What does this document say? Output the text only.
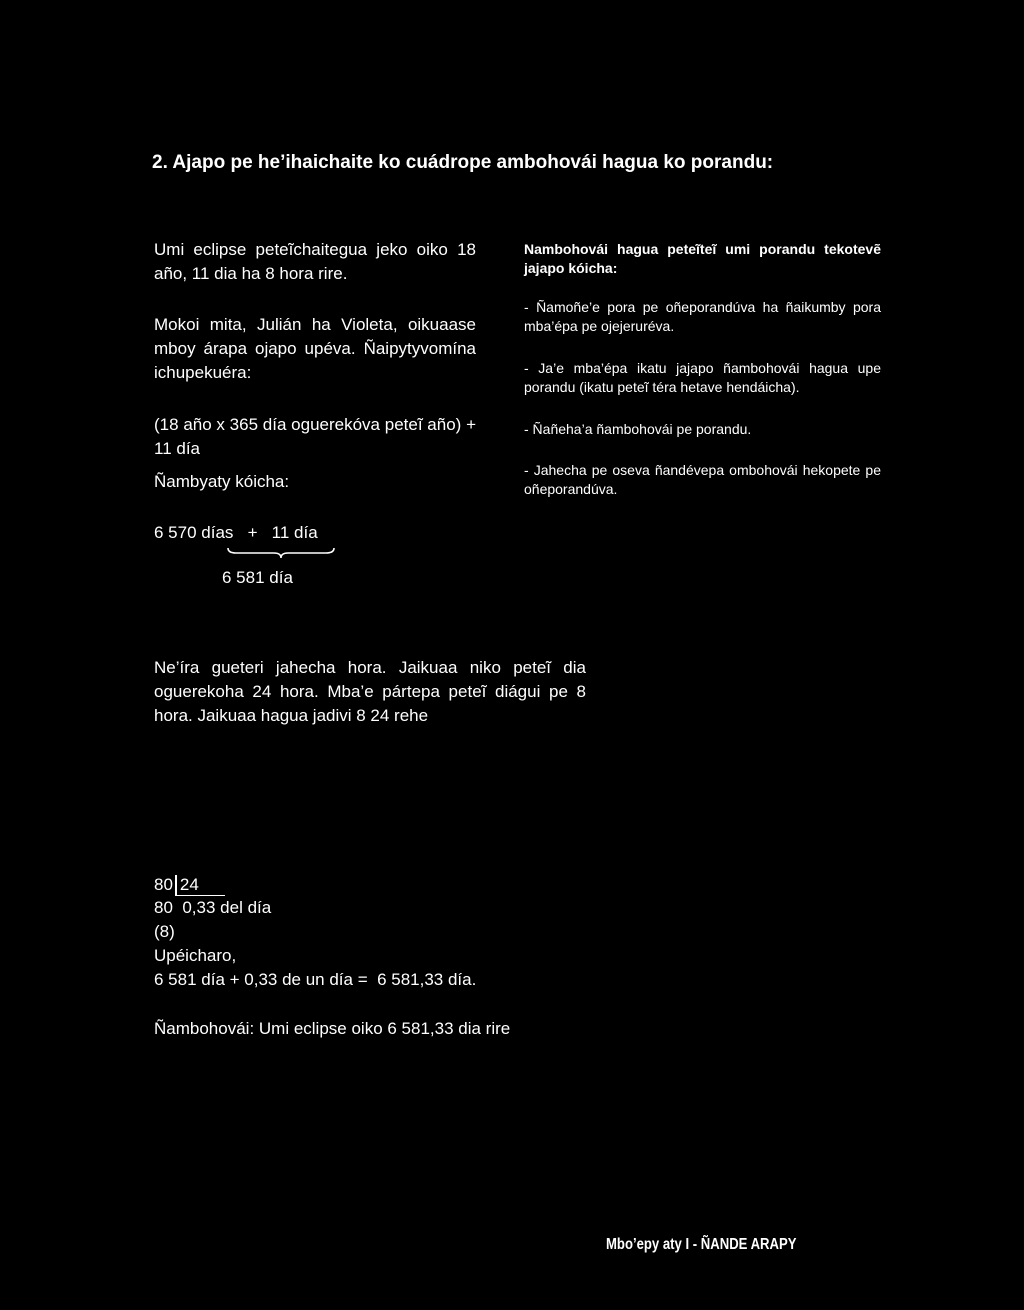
2. Ajapo pe he’ihaichaite ko cuádrope ambohovái hagua ko porandu:
Umi eclipse peteĩchaitegua jeko oiko 18 año, 11 dia ha 8 hora rire.
Mokoi mita, Julián ha Violeta, oikuaase mboy árapa ojapo upéva. Ñaipytyvomína ichupekuéra:
(18 año x 365 día oguerekóva peteĩ año) + 11 día
Ñambyaty kóicha:
6 570 días   +   11 día
6 581 día
Nambohovái hagua peteĩteĩ umi porandu tekotevẽ jajapo kóicha:
- Ñamoñe’e pora pe oñeporandúva ha ñaikumby pora mba’épa pe ojejeruréva.
- Ja’e mba’épa ikatu jajapo ñambohovái hagua upe porandu (ikatu peteĩ téra hetave hendáicha).
- Ñañeha’a ñambohovái pe porandu.
- Jahecha pe oseva ñandévepa ombohovái hekopete pe oñeporandúva.
Ne’íra gueteri jahecha hora. Jaikuaa niko peteĩ dia oguerekoha 24 hora. Mba’e pártepa peteĩ diágui pe 8 hora. Jaikuaa hagua jadivi 8 24 rehe
80 24
80  0,33 del día
(8)
Upéicharo,
6 581 día + 0,33 de un día =  6 581,33 día.
Ñambohovái: Umi eclipse oiko 6 581,33 dia rire
Mbo’epy aty I - ÑANDE ARAPY
